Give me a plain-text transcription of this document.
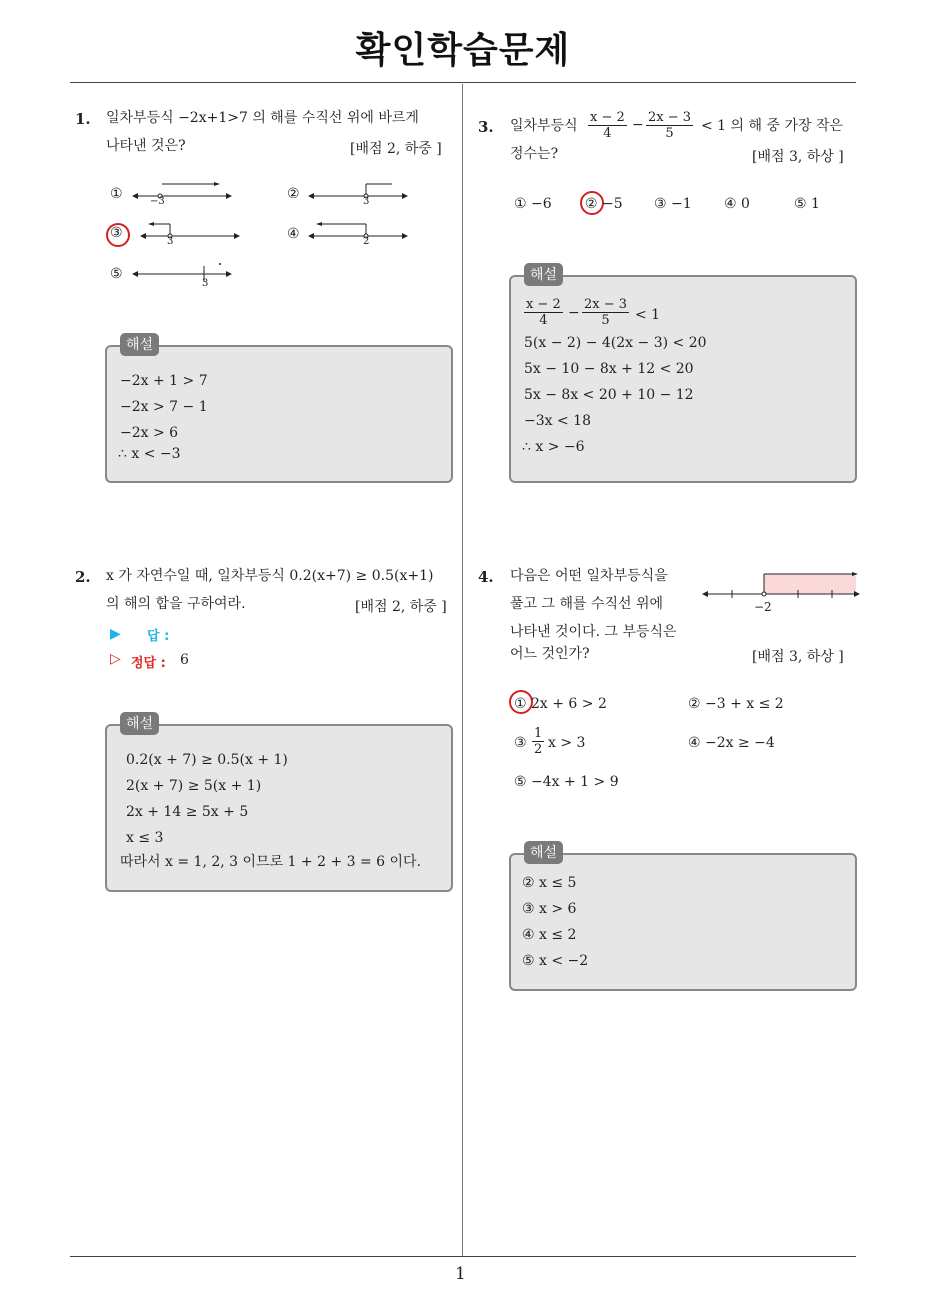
확인학습문제
1
1. 일차부등식 −2x+1>7 의 해를 수직선 위에 바르게
나타낸 것은?	[배점 2, 하중 ]
①	−3	②	3
③
3	④	2
⑤
3
해설
−2x + 1 > 7
−2x > 7 − 1
−2x > 6
∴ x < −3
2. x 가 자연수일 때, 일차부등식 0.2(x+7) ≥ 0.5(x+1)
의 해의 합을 구하여라.	[배점 2, 하중 ]
▶ 답 :
▷ 정답 : 6
해설
0.2(x + 7) ≥ 0.5(x + 1)
2(x + 7) ≥ 5(x + 1)
2x + 14 ≥ 5x + 5
x ≤ 3
따라서 x = 1, 2, 3 이므로 1 + 2 + 3 = 6 이다.
3. 일차부등식 $\frac{x - 2}{4} - \frac{2x - 3}{5} < 1$ 의 해 중 가장 작은
정수는?	[배점 3, 하상 ]
① −6 ② −5 ③ −1 ④ 0	⑤ 1
해설
$\frac{x - 2}{4} - \frac{2x - 3}{5} < 1$
5(x − 2) − 4(2x − 3) < 20
5x − 10 − 8x + 12 < 20
5x − 8x < 20 + 10 − 12
−3x < 18
∴ x > −6
4. 다음은 어떤 일차부등식을
풀고 그 해를 수직선 위에
나타낸 것이다. 그 부등식은
어느 것인가?	[배점 3, 하상 ]
−2
① 2x + 6 > 2	② −3 + x ≤ 2
③ $\frac{1}{2}$ x > 3	④ −2x ≥ −4
⑤ −4x + 1 > 9
해설
② x ≤ 5
③ x > 6
④ x ≤ 2
⑤ x < −2
